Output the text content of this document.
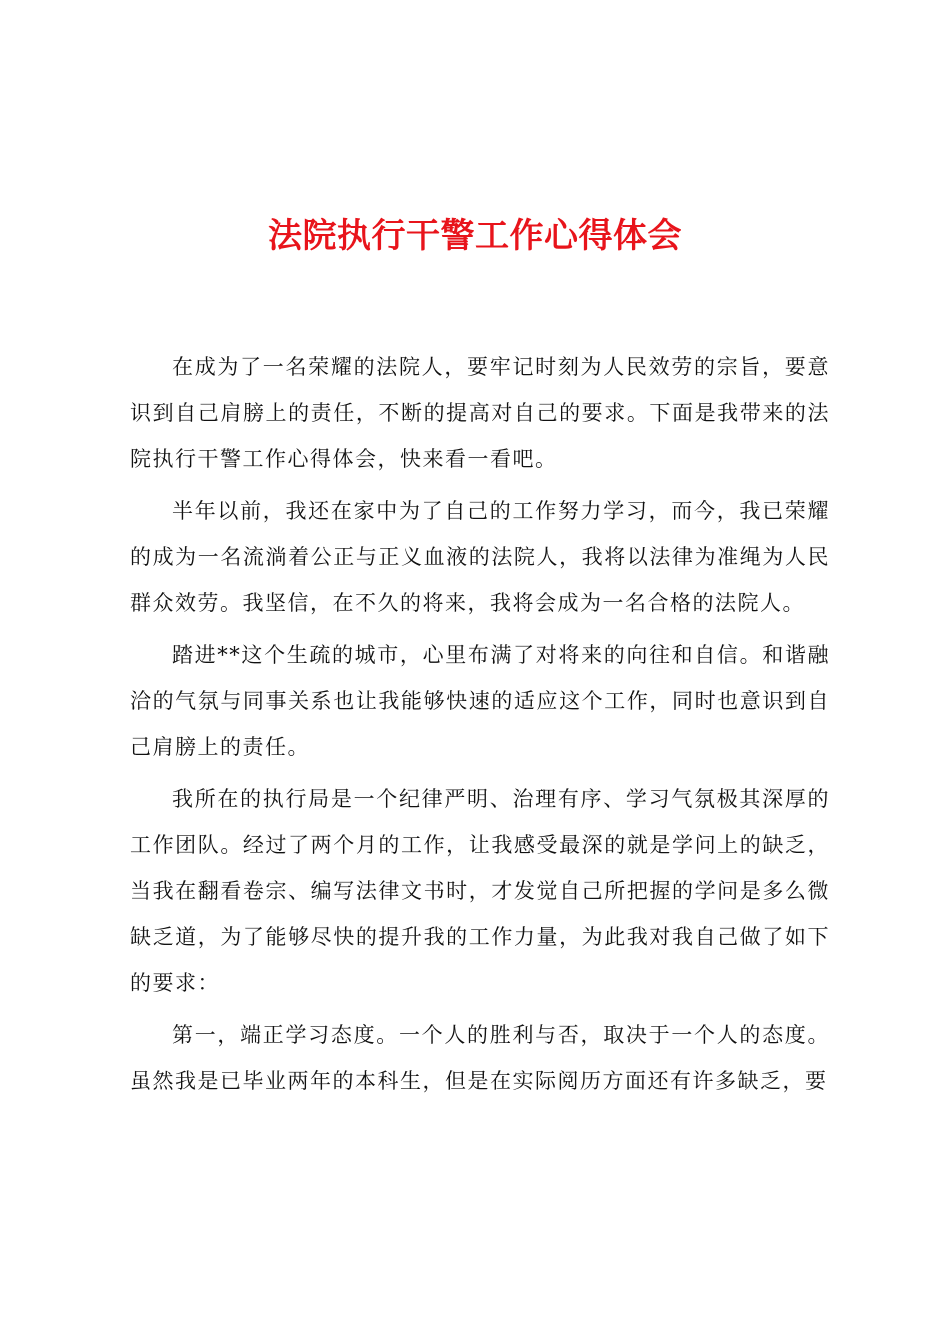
法院执行干警工作心得体会

在成为了一名荣耀的法院人，要牢记时刻为人民效劳的宗旨，要意识到自己肩膀上的责任，不断的提高对自己的要求。下面是我带来的法院执行干警工作心得体会，快来看一看吧。

半年以前，我还在家中为了自己的工作努力学习，而今，我已荣耀的成为一名流淌着公正与正义血液的法院人，我将以法律为准绳为人民群众效劳。我坚信，在不久的将来，我将会成为一名合格的法院人。

踏进**这个生疏的城市，心里布满了对将来的向往和自信。和谐融洽的气氛与同事关系也让我能够快速的适应这个工作，同时也意识到自己肩膀上的责任。

我所在的执行局是一个纪律严明、治理有序、学习气氛极其深厚的工作团队。经过了两个月的工作，让我感受最深的就是学问上的缺乏，当我在翻看卷宗、编写法律文书时，才发觉自己所把握的学问是多么微缺乏道，为了能够尽快的提升我的工作力量，为此我对我自己做了如下的要求：

第一，端正学习态度。一个人的胜利与否，取决于一个人的态度。虽然我是已毕业两年的本科生，但是在实际阅历方面还有许多缺乏，要
